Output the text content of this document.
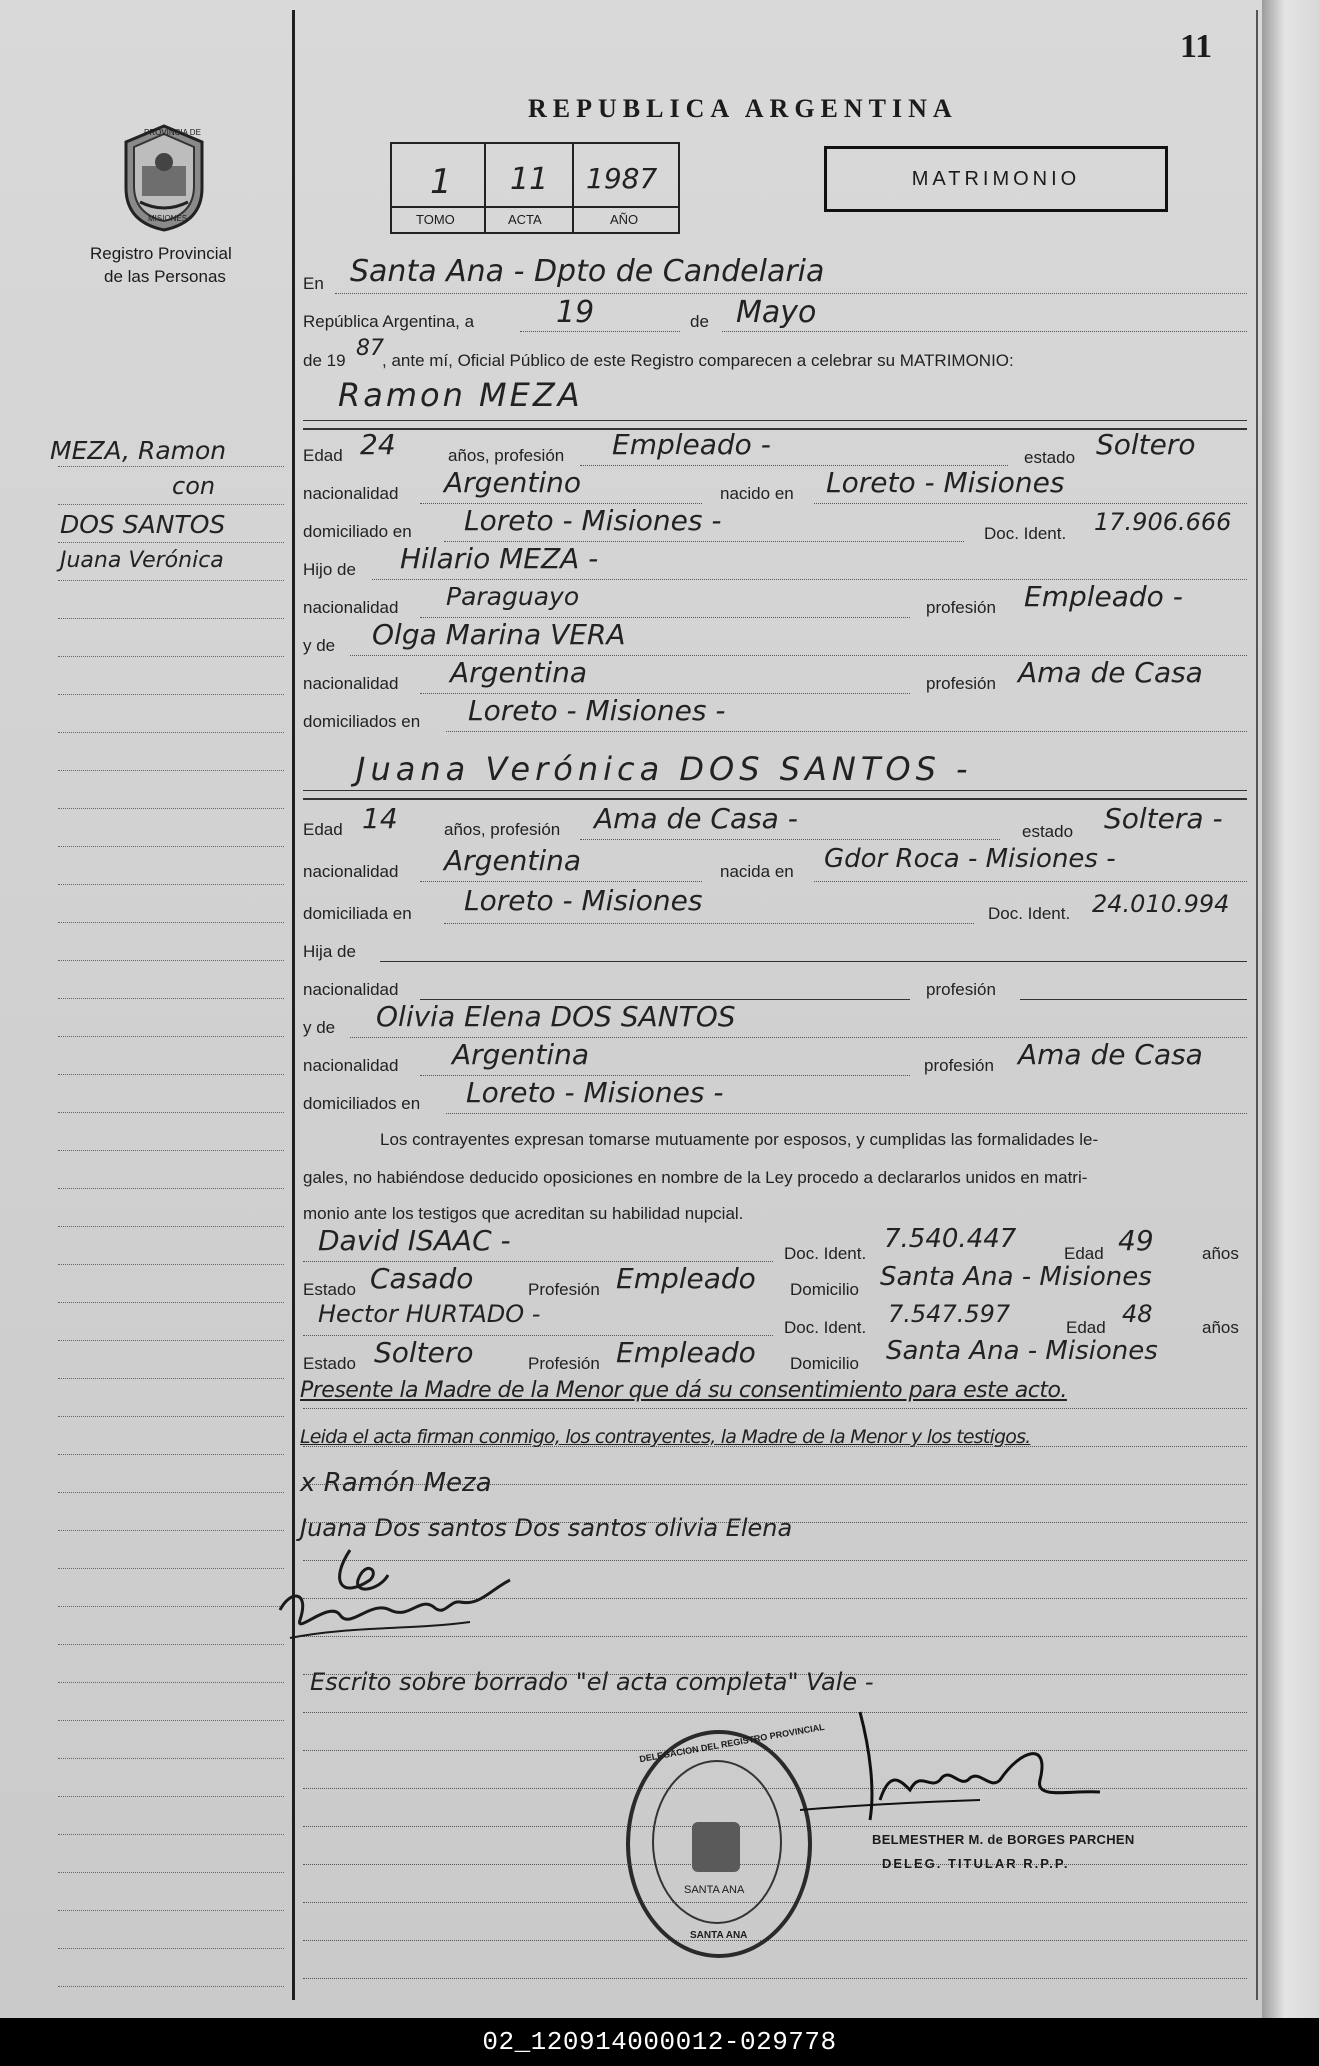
11
PROVINCIA DE
MISIONES
Registro Provincial
de las Personas
REPUBLICA ARGENTINA
1 11 1987
TOMO	ACTA	AÑO
MATRIMONIO
MEZA, Ramon
con
DOS SANTOS
Juana Verónica
En Santa Ana - Dpto de Candelaria
República Argentina, a	19	de Mayo
de 19 87
, ante mí, Oficial Público de este Registro comparecen a celebrar su MATRIMONIO:
Ramon MEZA
Edad 24	años, profesión Empleado -	estado Soltero
nacionalidad Argentino	nacido en Loreto - Misiones
domiciliado en Loreto - Misiones -	Doc. Ident. 17.906.666
Hijo de Hilario MEZA -
nacionalidad Paraguayo	profesión Empleado -
y de Olga Marina VERA
nacionalidad Argentina	profesión Ama de Casa
domiciliados en Loreto - Misiones -
Juana Verónica DOS SANTOS -
Edad 14	años, profesión Ama de Casa -	estado Soltera -
nacionalidad Argentina	nacida en Gdor Roca - Misiones -
domiciliada en Loreto - Misiones	Doc. Ident. 24.010.994
Hija de
nacionalidad	profesión
y de Olivia Elena DOS SANTOS
nacionalidad Argentina	profesión Ama de Casa
domiciliados en Loreto - Misiones -
Los contrayentes expresan tomarse mutuamente por esposos, y cumplidas las formalidades le-
gales, no habiéndose deducido oposiciones en nombre de la Ley procedo a declararlos unidos en matri-
monio ante los testigos que acreditan su habilidad nupcial.
David ISAAC -	Doc. Ident. 7.540.447	Edad 49	años
Estado Casado	Profesión Empleado Domicilio Santa Ana - Misiones
Hector HURTADO -	Doc. Ident. 7.547.597	Edad 48	años
Estado Soltero	Profesión Empleado Domicilio Santa Ana - Misiones
Presente la Madre de la Menor que dá su consentimiento para este acto.
Leida el acta firman conmigo, los contrayentes, la Madre de la Menor y los testigos.
x Ramón Meza
Juana Dos santos Dos santos olivia Elena
Escrito sobre borrado "el acta completa" Vale -
DELEGACION DEL REGISTRO PROVINCIAL
SANTA ANA
SANTA ANA
BELMESTHER M. de BORGES PARCHEN
DELEG. TITULAR R.P.P.
02_120914000012-029778
